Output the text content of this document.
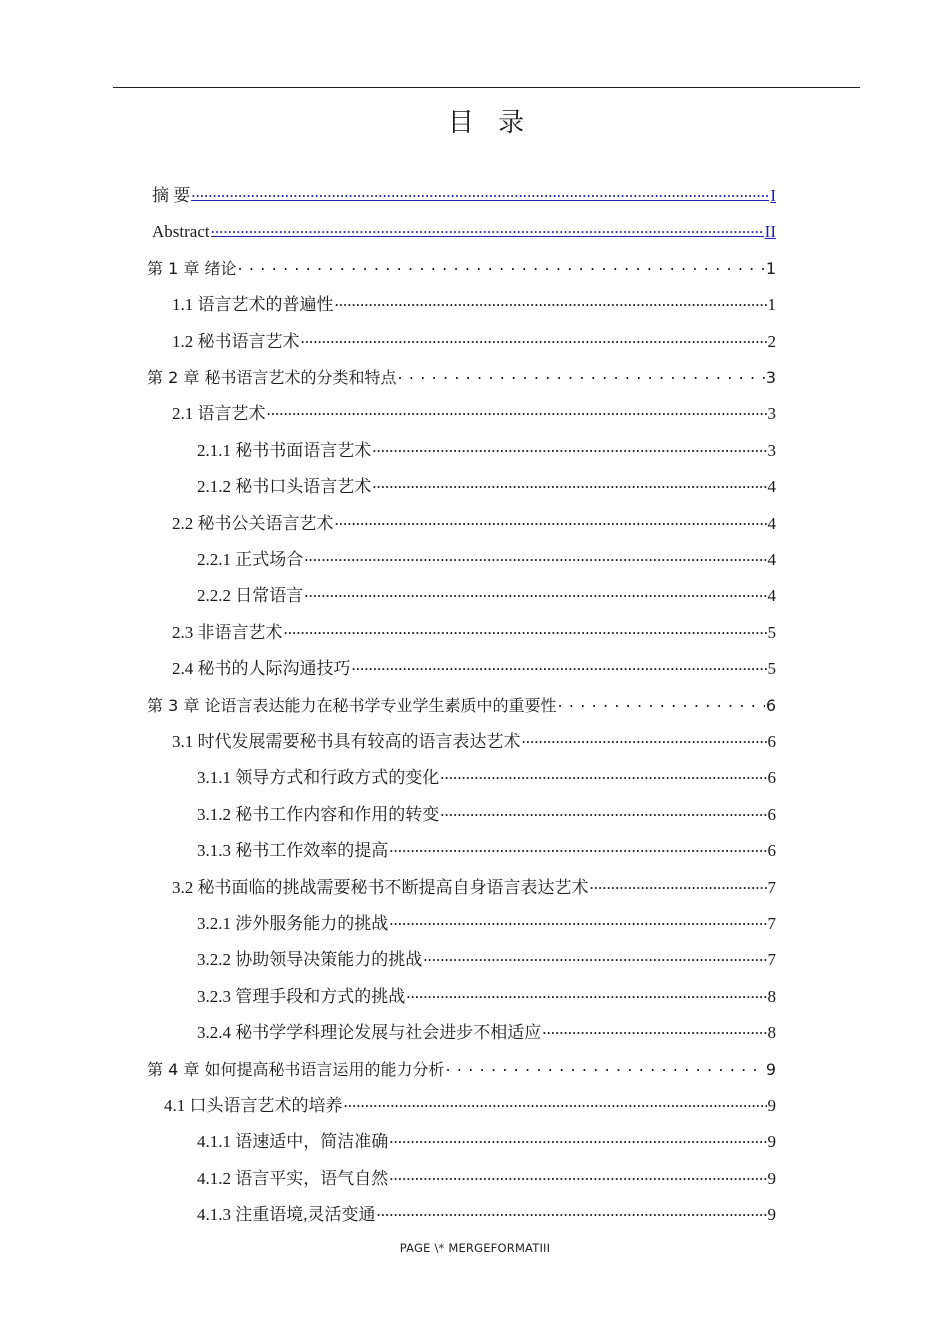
目 录
摘 要 .....	I
Abstract .....	II
第 1 章 绪论 . . .	1
1.1 语言艺术的普遍性 .....	1
1.2 秘书语言艺术 .....	2
第 2 章 秘书语言艺术的分类和特点 . . .	3
2.1 语言艺术 .....	3
2.1.1 秘书书面语言艺术 .....	3
2.1.2 秘书口头语言艺术 .....	4
2.2 秘书公关语言艺术 .....	4
2.2.1 正式场合 .....	4
2.2.2 日常语言 .....	4
2.3 非语言艺术 .....	5
2.4 秘书的人际沟通技巧 .....	5
第 3 章 论语言表达能力在秘书学专业学生素质中的重要性 . . .	6
3.1 时代发展需要秘书具有较高的语言表达艺术 .....	6
3.1.1 领导方式和行政方式的变化 .....	6
3.1.2 秘书工作内容和作用的转变 .....	6
3.1.3 秘书工作效率的提高 .....	6
3.2 秘书面临的挑战需要秘书不断提高自身语言表达艺术 .....	7
3.2.1 涉外服务能力的挑战 .....	7
3.2.2 协助领导决策能力的挑战 .....	7
3.2.3 管理手段和方式的挑战 .....	8
3.2.4 秘书学学科理论发展与社会进步不相适应 .....	8
第 4 章 如何提高秘书语言运用的能力分析 . . .	9
4.1 口头语言艺术的培养 .....	9
4.1.1 语速适中，简洁准确 .....	9
4.1.2 语言平实，语气自然 .....	9
4.1.3 注重语境,灵活变通 .....	9
PAGE \* MERGEFORMATIII
